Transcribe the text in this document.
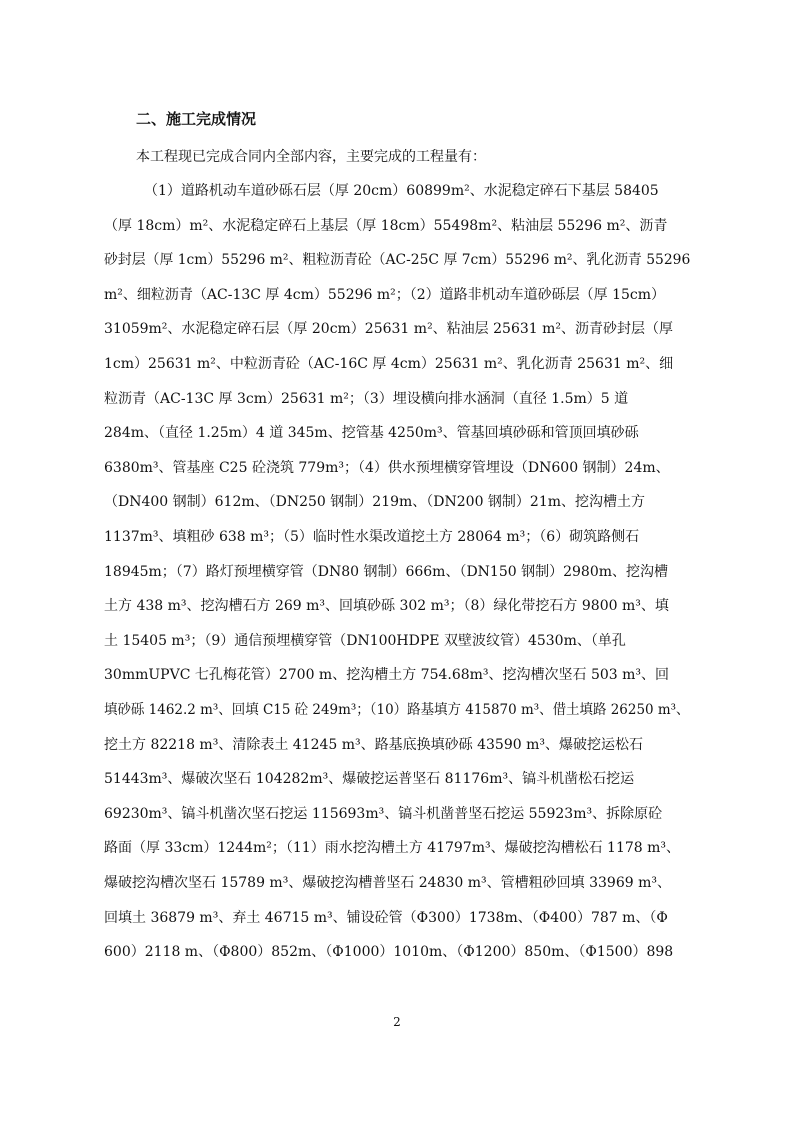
二、施工完成情况
本工程现已完成合同内全部内容，主要完成的工程量有：
（1）道路机动车道砂砾石层（厚 20cm）60899m²、水泥稳定碎石下基层 58405
（厚 18cm）m²、水泥稳定碎石上基层（厚 18cm）55498m²、粘油层 55296 m²、沥青
砂封层（厚 1cm）55296 m²、粗粒沥青砼（AC-25C 厚 7cm）55296 m²、乳化沥青 55296
m²、细粒沥青（AC-13C 厚 4cm）55296 m²；（2）道路非机动车道砂砾层（厚 15cm）
31059m²、水泥稳定碎石层（厚 20cm）25631 m²、粘油层 25631 m²、沥青砂封层（厚
1cm）25631 m²、中粒沥青砼（AC-16C 厚 4cm）25631 m²、乳化沥青 25631 m²、细
粒沥青（AC-13C 厚 3cm）25631 m²；（3）埋设横向排水涵洞（直径 1.5m）5 道
284m、（直径 1.25m）4 道 345m、挖管基 4250m³、管基回填砂砾和管顶回填砂砾
6380m³、管基座 C25 砼浇筑 779m³；（4）供水预埋横穿管埋设（DN600 钢制）24m、
（DN400 钢制）612m、（DN250 钢制）219m、（DN200 钢制）21m、挖沟槽土方
1137m³、填粗砂 638 m³；（5）临时性水渠改道挖土方 28064 m³；（6）砌筑路侧石
18945m；（7）路灯预埋横穿管（DN80 钢制）666m、（DN150 钢制）2980m、挖沟槽
土方 438 m³、挖沟槽石方 269 m³、回填砂砾 302 m³；（8）绿化带挖石方 9800 m³、填
土 15405 m³；（9）通信预埋横穿管（DN100HDPE 双壁波纹管）4530m、（单孔
30mmUPVC 七孔梅花管）2700 m、挖沟槽土方 754.68m³、挖沟槽次坚石 503 m³、回
填砂砾 1462.2 m³、回填 C15 砼 249m³；（10）路基填方 415870 m³、借土填路 26250 m³、
挖土方 82218 m³、清除表土 41245 m³、路基底换填砂砾 43590 m³、爆破挖运松石
51443m³、爆破次坚石 104282m³、爆破挖运普坚石 81176m³、镐斗机凿松石挖运
69230m³、镐斗机凿次坚石挖运 115693m³、镐斗机凿普坚石挖运 55923m³、拆除原砼
路面（厚 33cm）1244m²；（11）雨水挖沟槽土方 41797m³、爆破挖沟槽松石 1178 m³、
爆破挖沟槽次坚石 15789 m³、爆破挖沟槽普坚石 24830 m³、管槽粗砂回填 33969 m³、
回填土 36879 m³、弃土 46715 m³、铺设砼管（Φ300）1738m、（Φ400）787 m、（Φ
600）2118 m、（Φ800）852m、（Φ1000）1010m、（Φ1200）850m、（Φ1500）898
2
